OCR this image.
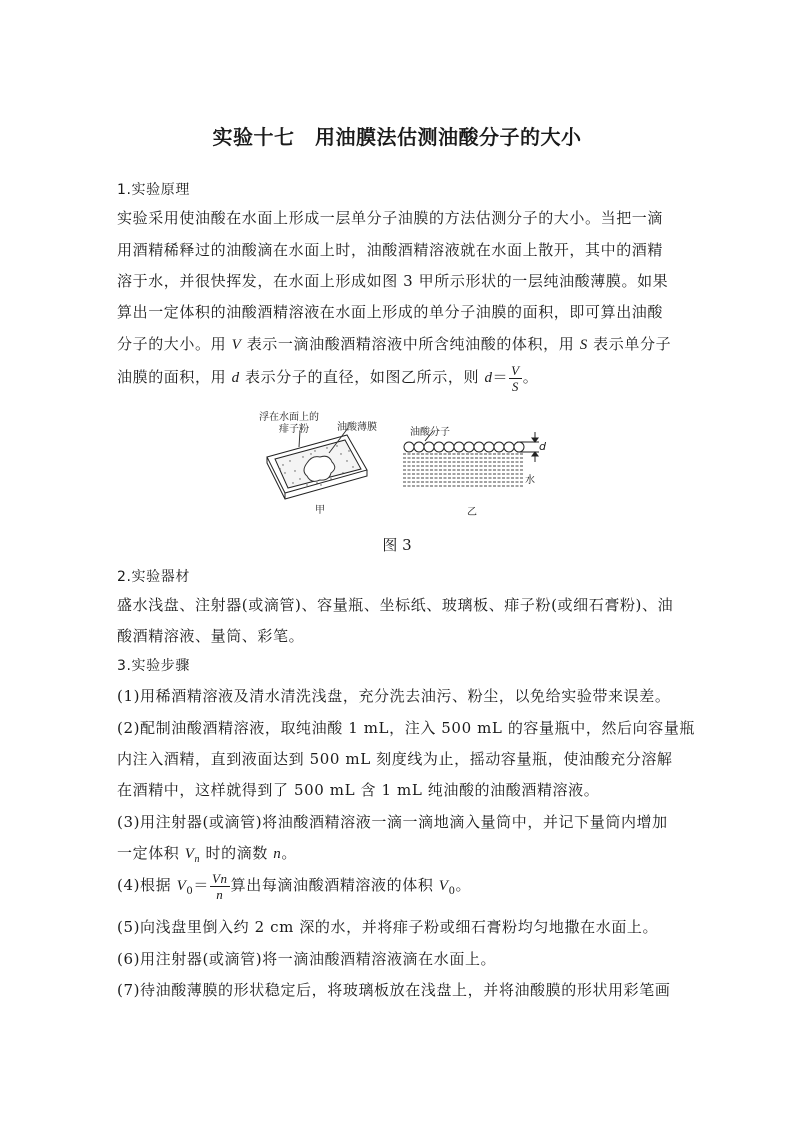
实验十七　用油膜法估测油酸分子的大小
1.实验原理
实验采用使油酸在水面上形成一层单分子油膜的方法估测分子的大小。当把一滴
用酒精稀释过的油酸滴在水面上时，油酸酒精溶液就在水面上散开，其中的酒精
溶于水，并很快挥发，在水面上形成如图 3 甲所示形状的一层纯油酸薄膜。如果
算出一定体积的油酸酒精溶液在水面上形成的单分子油膜的面积，即可算出油酸
分子的大小。用 V 表示一滴油酸酒精溶液中所含纯油酸的体积，用 S 表示单分子
油膜的面积，用 d 表示分子的直径，如图乙所示，则 $d= \frac{V}{S}$ 。
浮在水面上的
痱子粉	油酸薄膜	油酸分子
d
水
甲	乙
图 3
2.实验器材
盛水浅盘、注射器(或滴管)、容量瓶、坐标纸、玻璃板、痱子粉(或细石膏粉)、油
酸酒精溶液、量筒、彩笔。
3.实验步骤
(1)用稀酒精溶液及清水清洗浅盘，充分洗去油污、粉尘，以免给实验带来误差。
(2)配制油酸酒精溶液，取纯油酸 1 mL，注入 500 mL 的容量瓶中，然后向容量瓶
内注入酒精，直到液面达到 500 mL 刻度线为止，摇动容量瓶，使油酸充分溶解
在酒精中，这样就得到了 500 mL 含 1 mL 纯油酸的油酸酒精溶液。
(3)用注射器(或滴管)将油酸酒精溶液一滴一滴地滴入量筒中，并记下量筒内增加
一定体积 $V_n$ 时的滴数 n。
(4)根据 $V_0= \frac{Vn}{n}$ 算出每滴油酸酒精溶液的体积 $V_0$。
(5)向浅盘里倒入约 2 cm 深的水，并将痱子粉或细石膏粉均匀地撒在水面上。
(6)用注射器(或滴管)将一滴油酸酒精溶液滴在水面上。
(7)待油酸薄膜的形状稳定后，将玻璃板放在浅盘上，并将油酸膜的形状用彩笔画
